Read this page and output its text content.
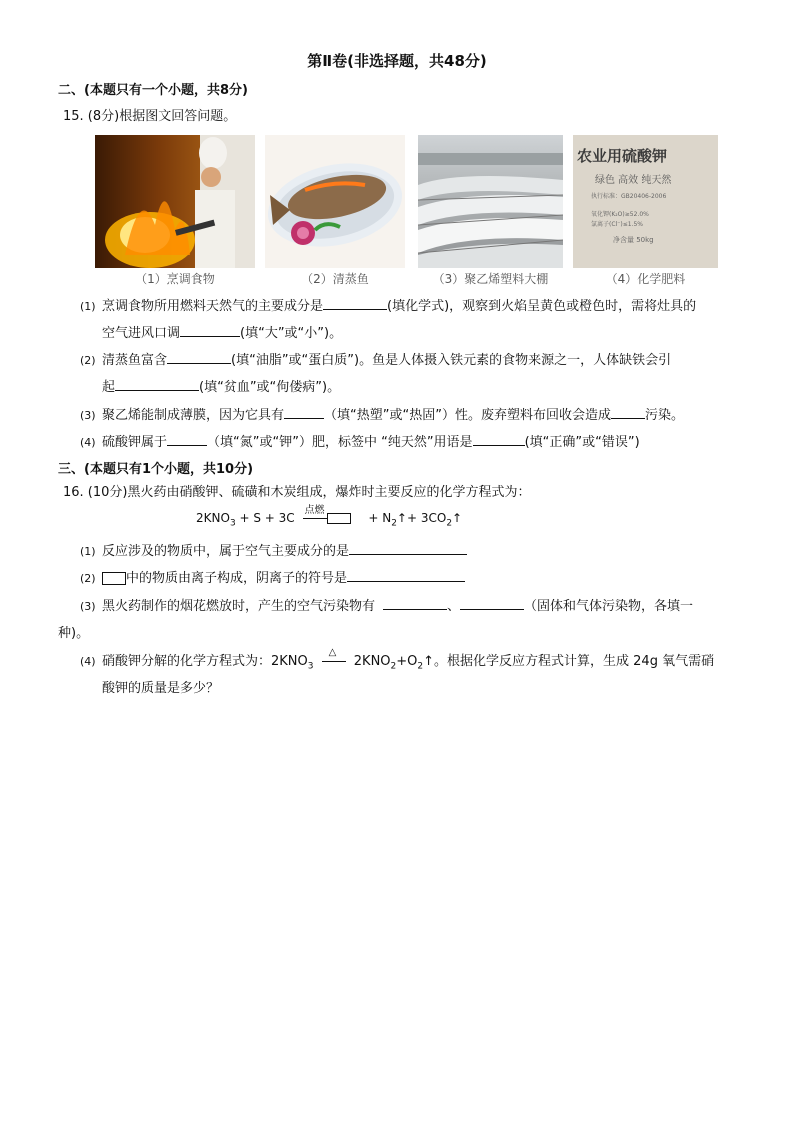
第Ⅱ卷(非选择题，共48分)
二、(本题只有一个小题，共8分)
15. (8分)根据图文回答问题。
（1）烹调食物	（2）清蒸鱼	（3）聚乙烯塑料大棚
农业用硫酸钾
绿色 高效 纯天然
执行标准：GB20406-2006
氧化钾(K₂O)≥52.0%
氯离子(Cl⁻)≤1.5%
净含量 50kg
（4）化学肥料
(1) 烹调食物所用燃料天然气的主要成分是	(填化学式)，观察到火焰呈黄色或橙色时，需将灶具的
空气进风口调	(填“大”或“小”)。
(2) 清蒸鱼富含	(填“油脂”或“蛋白质”)。鱼是人体摄入铁元素的食物来源之一，人体缺铁会引
起	(填“贫血”或“佝偻病”)。
(3) 聚乙烯能制成薄膜，因为它具有	（填“热塑”或“热固”）性。废弃塑料布回收会造成	污染。
(4) 硫酸钾属于	（填“氮”或“钾”）肥，标签中 “纯天然”用语是	(填“正确”或“错误”)
三、(本题只有1个小题，共10分)
16. (10分)黑火药由硝酸钾、硫磺和木炭组成，爆炸时主要反应的化学方程式为：
$2KNO_3 + S + 3C$
点燃
+ $N_2↑+$ $3CO_2↑$
(1) 反应涉及的物质中，属于空气主要成分的是
(2) 中的物质由离子构成，阴离子的符号是
(3) 黑火药制作的烟花燃放时，产生的空气污染物有	、	（固体和气体污染物，各填一
种)。
(4) 硝酸钾分解的化学方程式为：$2KNO_3$
△
$2KNO_2+O_2↑$。根据化学反应方程式计算，生成 24g 氧气需硝
酸钾的质量是多少？
